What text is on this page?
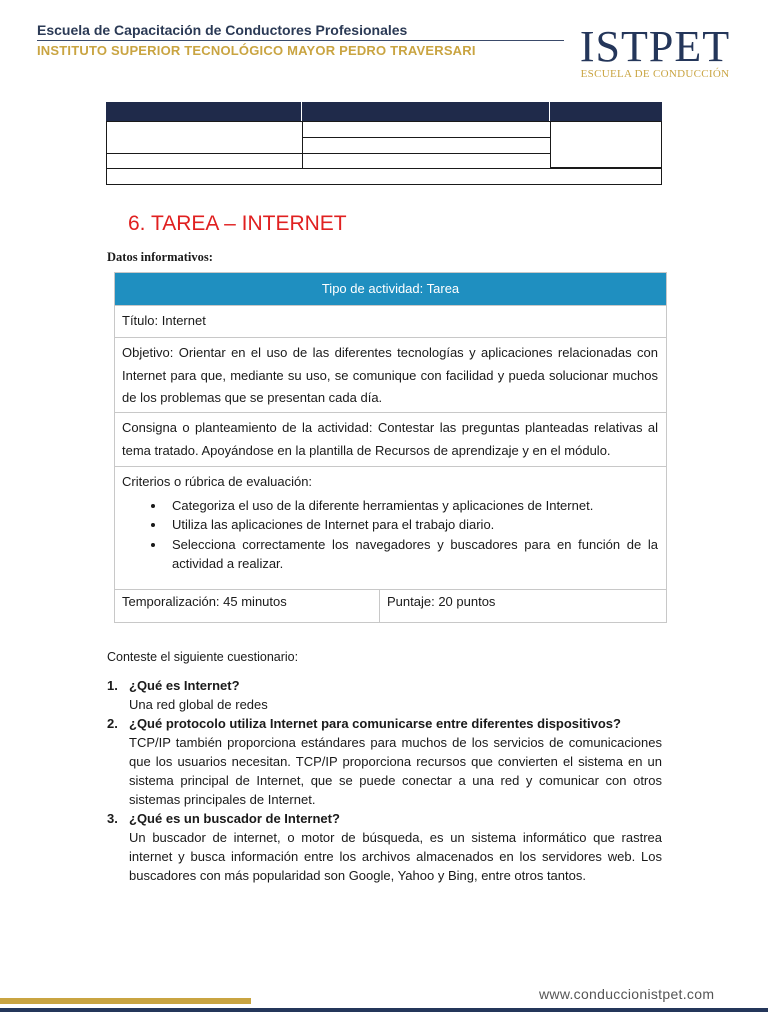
Escuela de Capacitación de Conductores Profesionales
INSTITUTO SUPERIOR TECNOLÓGICO MAYOR PEDRO TRAVERSARI ISTPET
ESCUELA DE CONDUCCIÓN
6. TAREA – INTERNET
Datos informativos:
Tipo de actividad: Tarea
Título: Internet
Objetivo: Orientar en el uso de las diferentes tecnologías y aplicaciones relacionadas con Internet para que, mediante su uso, se comunique con facilidad y pueda solucionar muchos de los problemas que se presentan cada día.
Consigna o planteamiento de la actividad: Contestar las preguntas planteadas relativas al tema tratado. Apoyándose en la plantilla de Recursos de aprendizaje y en el módulo.
Criterios o rúbrica de evaluación:
• Categoriza el uso de la diferente herramientas y aplicaciones de Internet.
• Utiliza las aplicaciones de Internet para el trabajo diario.
• Selecciona correctamente los navegadores y buscadores para en función de la actividad a realizar.
Temporalización: 45 minutos	Puntaje: 20 puntos
Conteste el siguiente cuestionario:
1. ¿Qué es Internet?
Una red global de redes
2. ¿Qué protocolo utiliza Internet para comunicarse entre diferentes dispositivos?
TCP/IP también proporciona estándares para muchos de los servicios de comunicaciones que los usuarios necesitan. TCP/IP proporciona recursos que convierten el sistema en un sistema principal de Internet, que se puede conectar a una red y comunicar con otros sistemas principales de Internet.
3. ¿Qué es un buscador de Internet?
Un buscador de internet, o motor de búsqueda, es un sistema informático que rastrea internet y busca información entre los archivos almacenados en los servidores web. Los buscadores con más popularidad son Google, Yahoo y Bing, entre otros tantos.
www.conduccionistpet.com
